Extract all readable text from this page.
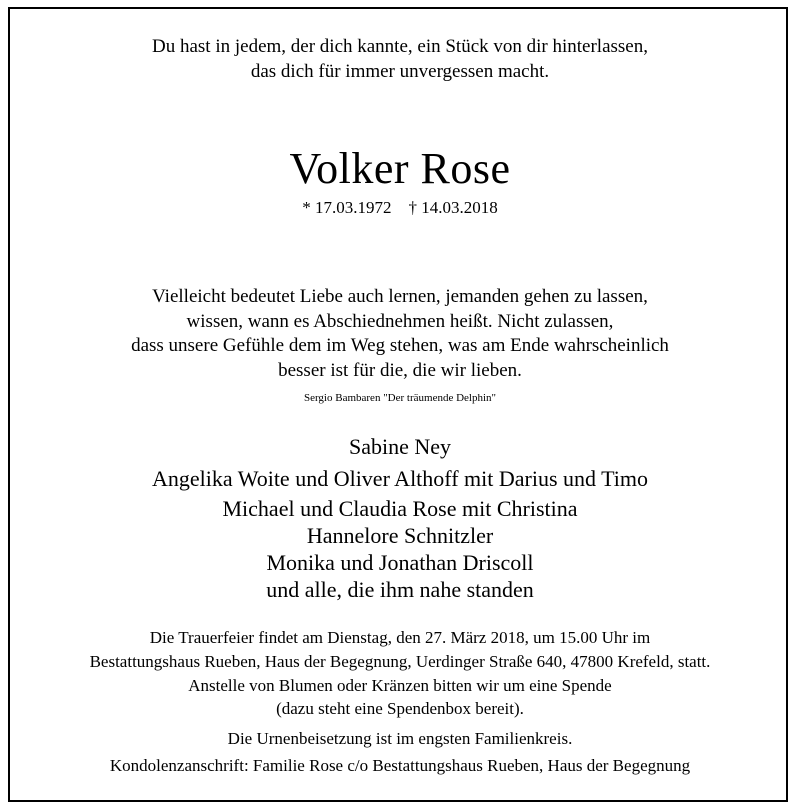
Du hast in jedem, der dich kannte, ein Stück von dir hinterlassen,
das dich für immer unvergessen macht.
Volker Rose
* 17.03.1972    † 14.03.2018
Vielleicht bedeutet Liebe auch lernen, jemanden gehen zu lassen,
wissen, wann es Abschiednehmen heißt. Nicht zulassen,
dass unsere Gefühle dem im Weg stehen, was am Ende wahrscheinlich
besser ist für die, die wir lieben.
Sergio Bambaren "Der träumende Delphin"
Sabine Ney
Angelika Woite und Oliver Althoff mit Darius und Timo
Michael und Claudia Rose mit Christina
Hannelore Schnitzler
Monika und Jonathan Driscoll
und alle, die ihm nahe standen
Die Trauerfeier findet am Dienstag, den 27. März 2018, um 15.00 Uhr im
Bestattungshaus Rueben, Haus der Begegnung, Uerdinger Straße 640, 47800 Krefeld, statt.
Anstelle von Blumen oder Kränzen bitten wir um eine Spende
(dazu steht eine Spendenbox bereit).
Die Urnenbeisetzung ist im engsten Familienkreis.
Kondolenzanschrift: Familie Rose c/o Bestattungshaus Rueben, Haus der Begegnung
